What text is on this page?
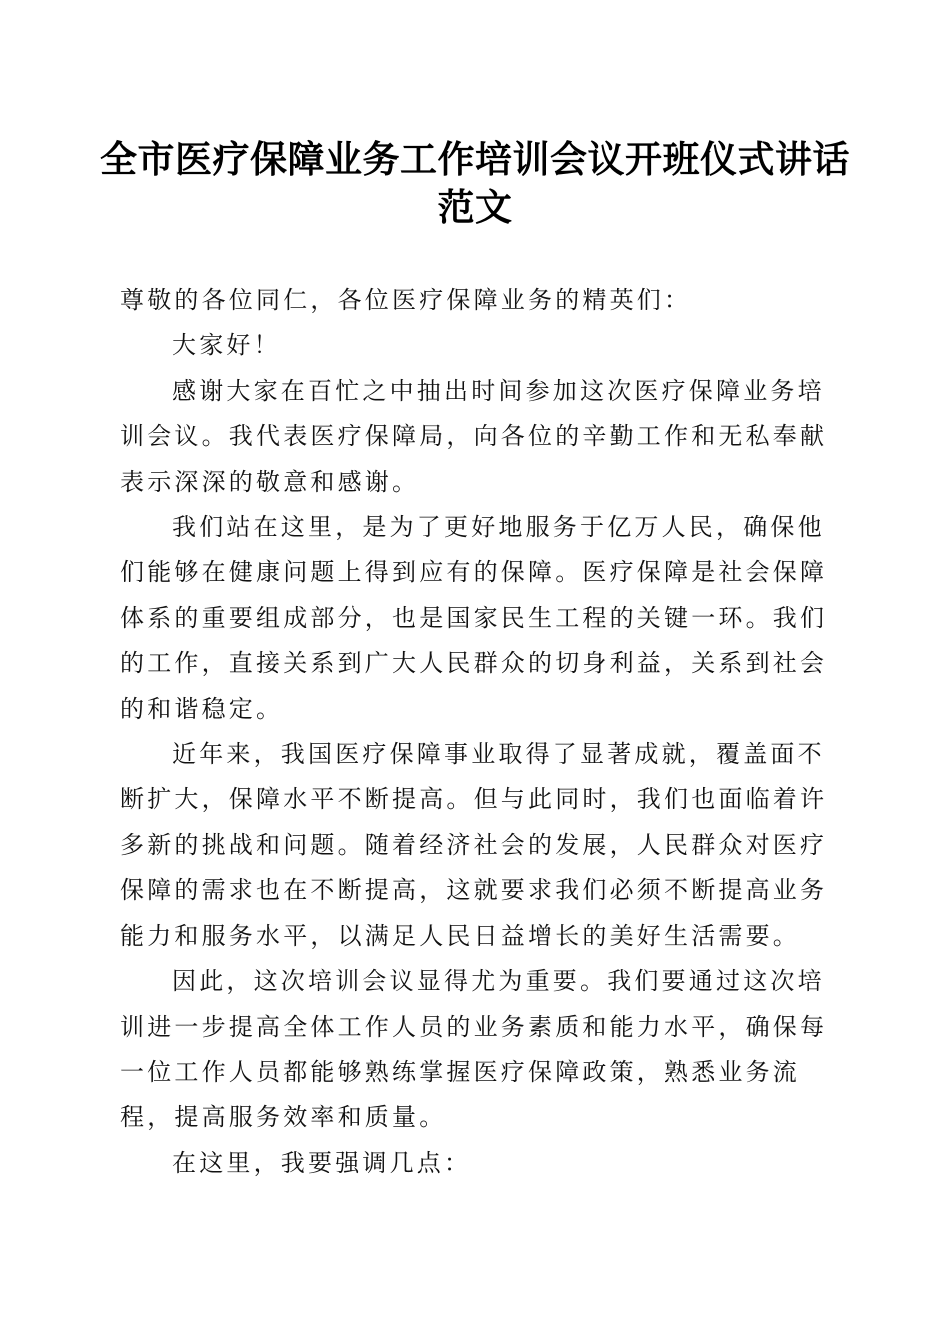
全市医疗保障业务工作培训会议开班仪式讲话
范文

尊敬的各位同仁，各位医疗保障业务的精英们：

大家好！

感谢大家在百忙之中抽出时间参加这次医疗保障业务培训会议。我代表医疗保障局，向各位的辛勤工作和无私奉献表示深深的敬意和感谢。

我们站在这里，是为了更好地服务于亿万人民，确保他们能够在健康问题上得到应有的保障。医疗保障是社会保障体系的重要组成部分，也是国家民生工程的关键一环。我们的工作，直接关系到广大人民群众的切身利益，关系到社会的和谐稳定。

近年来，我国医疗保障事业取得了显著成就，覆盖面不断扩大，保障水平不断提高。但与此同时，我们也面临着许多新的挑战和问题。随着经济社会的发展，人民群众对医疗保障的需求也在不断提高，这就要求我们必须不断提高业务能力和服务水平，以满足人民日益增长的美好生活需要。

因此，这次培训会议显得尤为重要。我们要通过这次培训进一步提高全体工作人员的业务素质和能力水平，确保每一位工作人员都能够熟练掌握医疗保障政策，熟悉业务流程，提高服务效率和质量。

在这里，我要强调几点：
